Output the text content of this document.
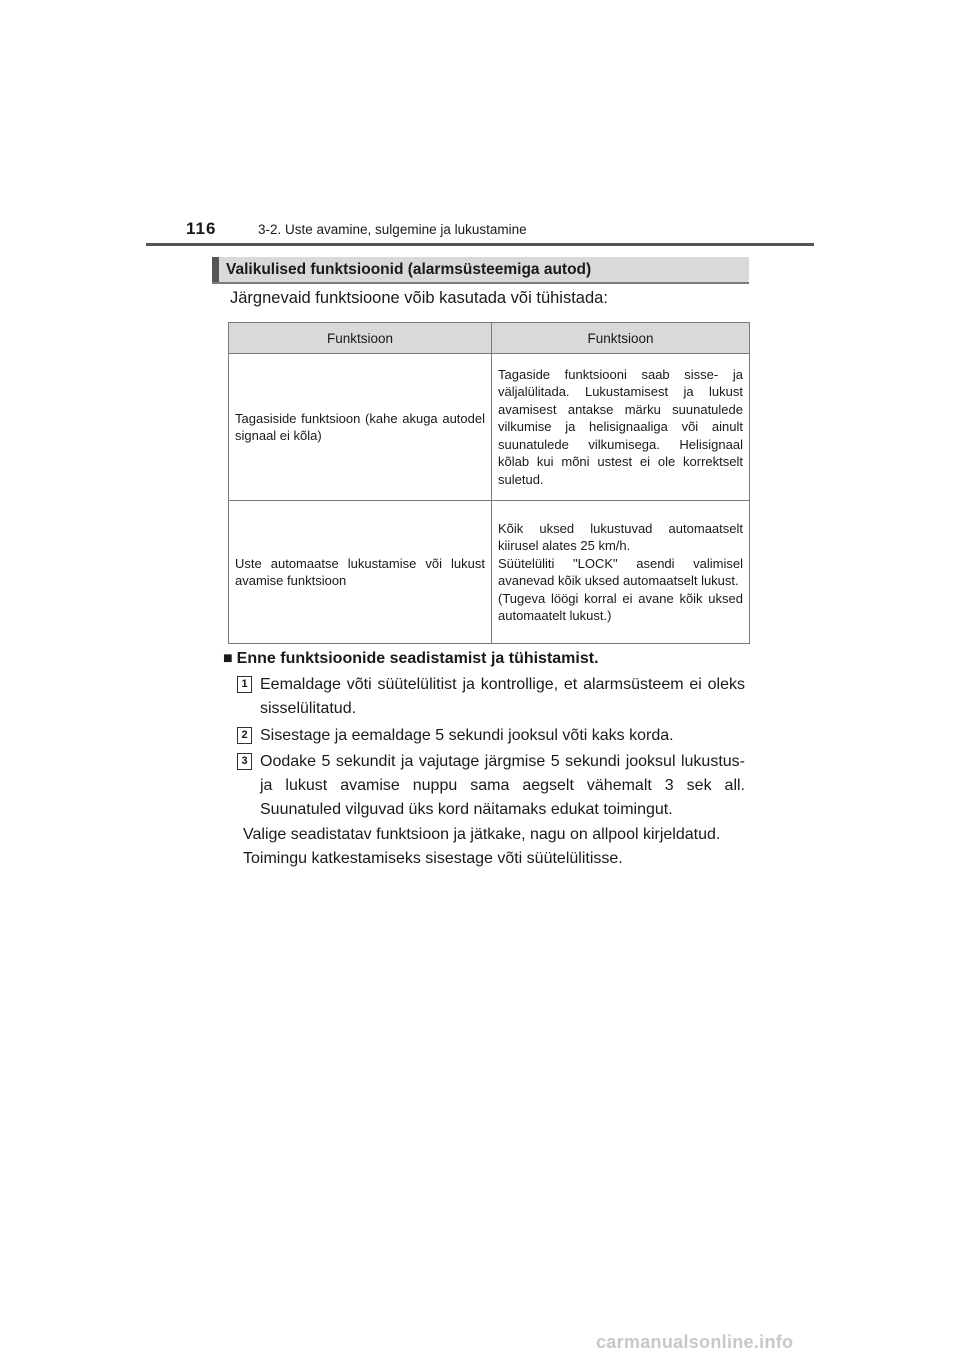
116	3-2. Uste avamine, sulgemine ja lukustamine
Valikulised funktsioonid (alarmsüsteemiga autod)
Järgnevaid funktsioone võib kasutada või tühistada:
Funktsioon	Funktsioon
Tagasiside funktsioon (kahe akuga autodel signaal ei kõla)	Tagaside funktsiooni saab sisse- ja väljalülitada. Lukustamisest ja lukust avamisest antakse märku suunatulede vilkumise ja helisignaaliga või ainult suunatulede vilkumisega. Helisignaal kõlab kui mõni ustest ei ole korrektselt suletud.
Uste automaatse lukustamise või lukust avamise funktsioon	Kõik uksed lukustuvad automaatselt kiirusel alates 25 km/h.
Süütelüliti "LOCK" asendi valimisel avanevad kõik uksed automaatselt lukust.
(Tugeva löögi korral ei avane kõik uksed automaatelt lukust.)
■ Enne funktsioonide seadistamist ja tühistamist.
1 Eemaldage võti süütelülitist ja kontrollige, et alarmsüsteem ei oleks sisselülitatud.
2 Sisestage ja eemaldage 5 sekundi jooksul võti kaks korda.
3 Oodake 5 sekundit ja vajutage järgmise 5 sekundi jooksul lukustus- ja lukust avamise nuppu sama aegselt vähemalt 3 sek all. Suunatuled vilguvad üks kord näitamaks edukat toimingut.
Valige seadistatav funktsioon ja jätkake, nagu on allpool kirjeldatud.
Toimingu katkestamiseks sisestage võti süütelülitisse.
carmanualsonline.info
